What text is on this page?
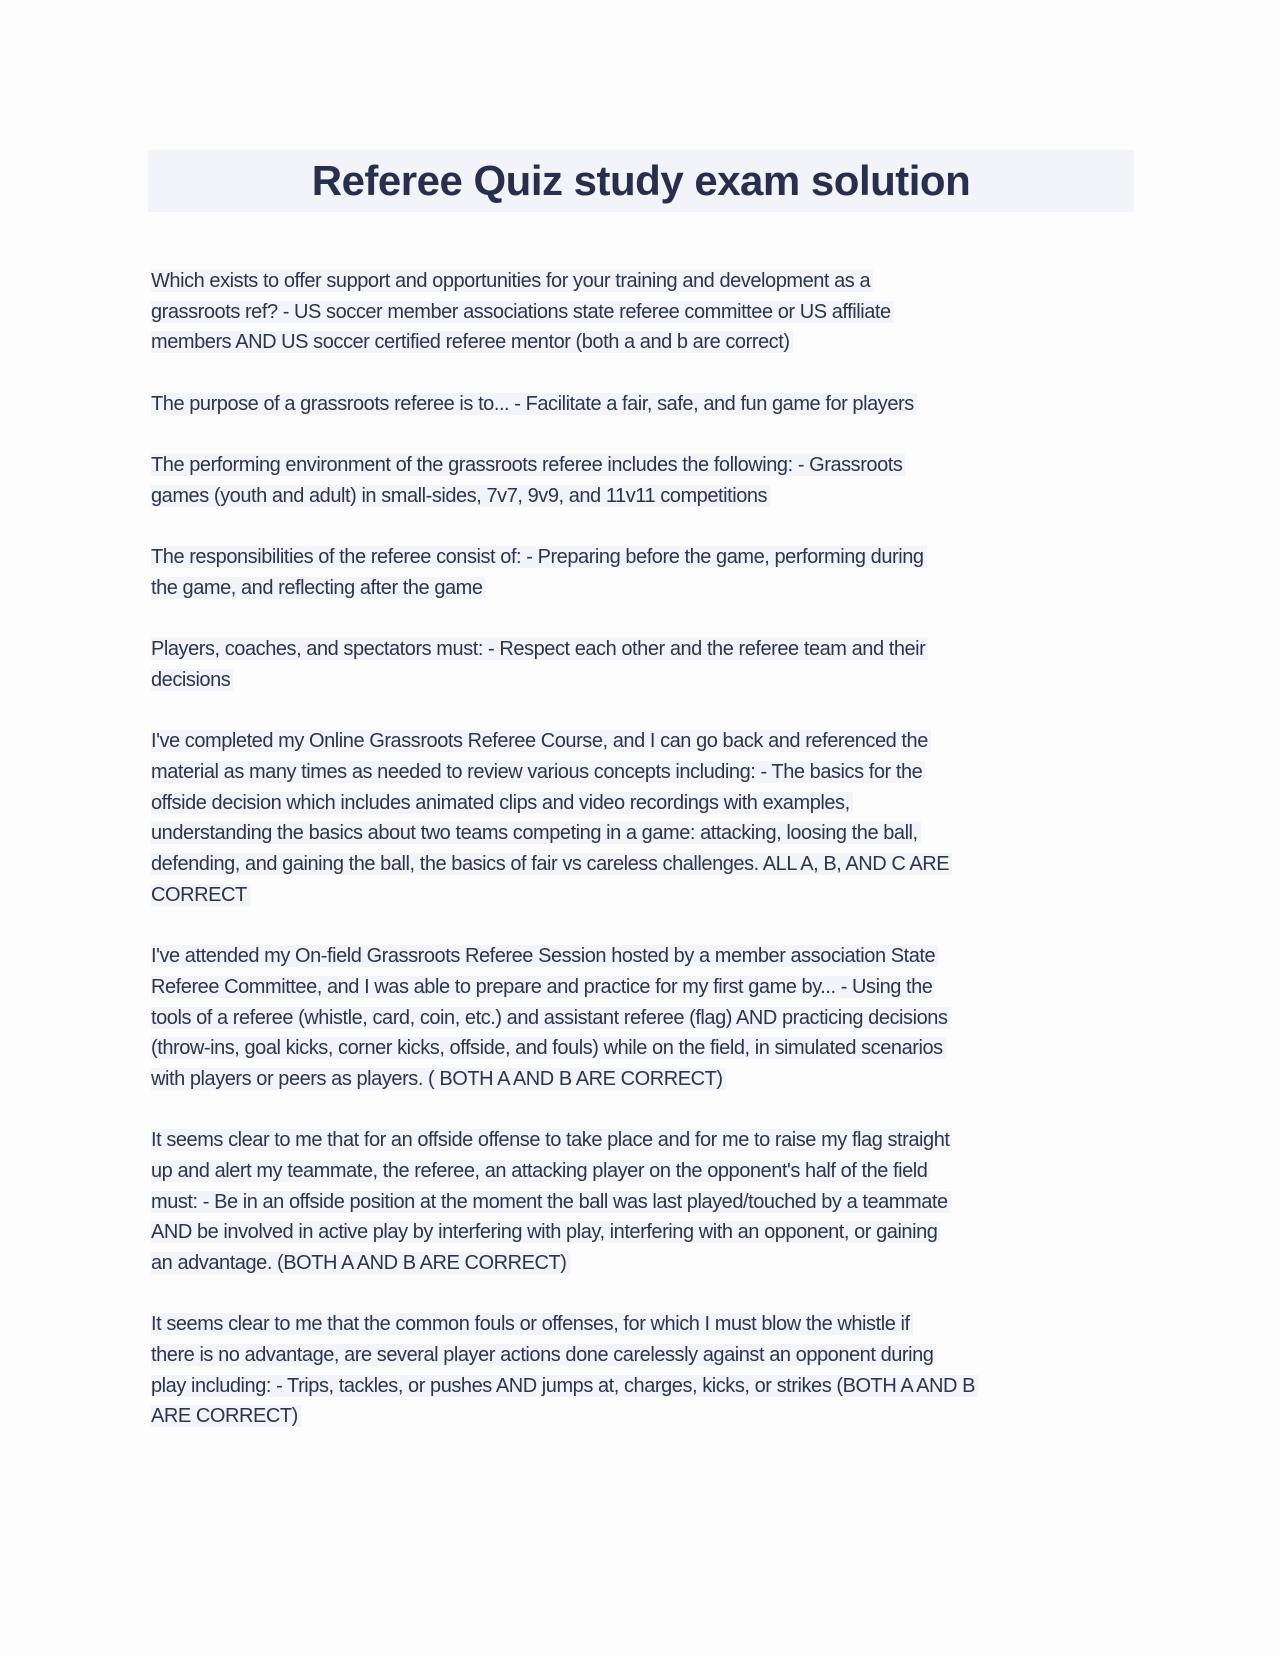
Referee Quiz study exam solution
Which exists to offer support and opportunities for your training and development as a
grassroots ref? - US soccer member associations state referee committee or US affiliate
members AND US soccer certified referee mentor (both a and b are correct)
The purpose of a grassroots referee is to... - Facilitate a fair, safe, and fun game for players
The performing environment of the grassroots referee includes the following: - Grassroots
games (youth and adult) in small-sides, 7v7, 9v9, and 11v11 competitions
The responsibilities of the referee consist of: - Preparing before the game, performing during
the game, and reflecting after the game
Players, coaches, and spectators must: - Respect each other and the referee team and their
decisions
I've completed my Online Grassroots Referee Course, and I can go back and referenced the
material as many times as needed to review various concepts including: - The basics for the
offside decision which includes animated clips and video recordings with examples,
understanding the basics about two teams competing in a game: attacking, loosing the ball,
defending, and gaining the ball, the basics of fair vs careless challenges. ALL A, B, AND C ARE
CORRECT
I've attended my On-field Grassroots Referee Session hosted by a member association State
Referee Committee, and I was able to prepare and practice for my first game by... - Using the
tools of a referee (whistle, card, coin, etc.) and assistant referee (flag) AND practicing decisions
(throw-ins, goal kicks, corner kicks, offside, and fouls) while on the field, in simulated scenarios
with players or peers as players. ( BOTH A AND B ARE CORRECT)
It seems clear to me that for an offside offense to take place and for me to raise my flag straight
up and alert my teammate, the referee, an attacking player on the opponent's half of the field
must: - Be in an offside position at the moment the ball was last played/touched by a teammate
AND be involved in active play by interfering with play, interfering with an opponent, or gaining
an advantage. (BOTH A AND B ARE CORRECT)
It seems clear to me that the common fouls or offenses, for which I must blow the whistle if
there is no advantage, are several player actions done carelessly against an opponent during
play including: - Trips, tackles, or pushes AND jumps at, charges, kicks, or strikes (BOTH A AND B
ARE CORRECT)
